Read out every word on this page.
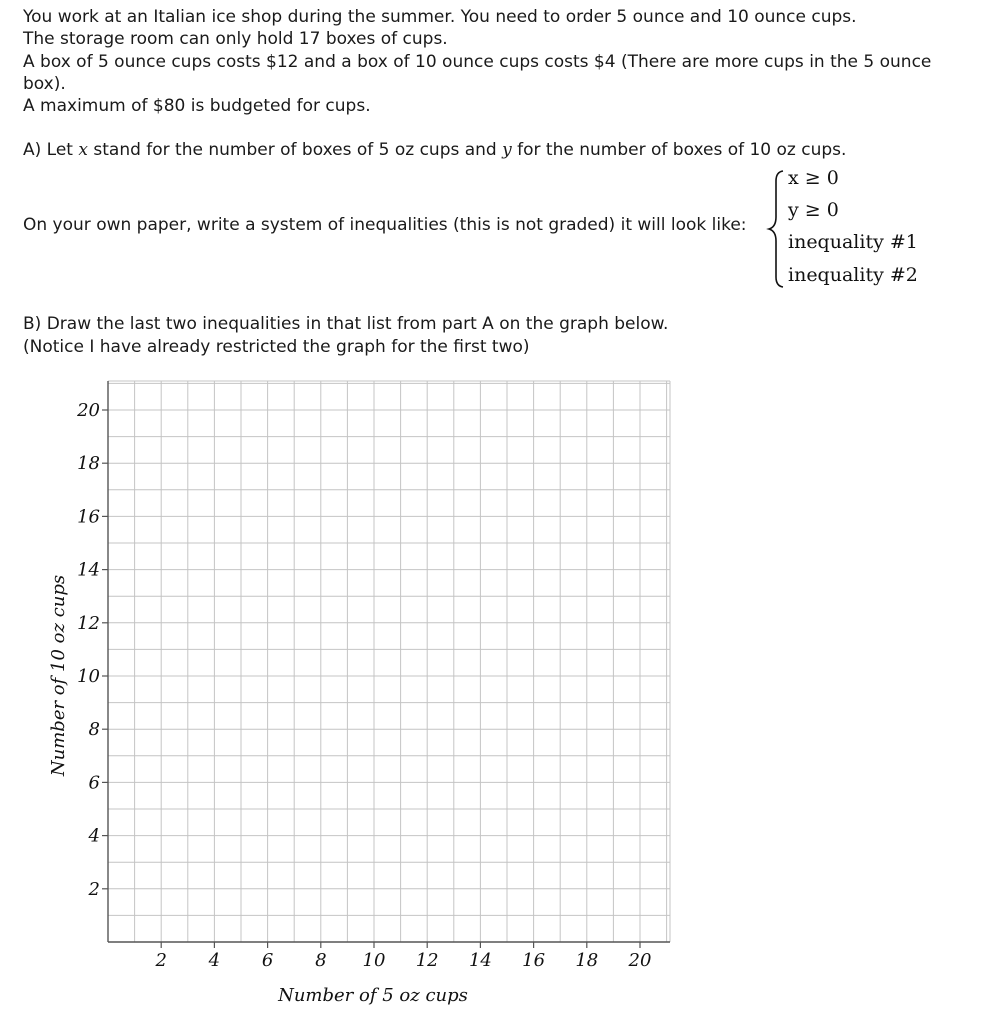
You work at an Italian ice shop during the summer. You need to order 5 ounce and 10 ounce cups.

The storage room can only hold 17 boxes of cups.

A box of 5 ounce cups costs $12 and a box of 10 ounce cups costs $4 (There are more cups in the 5 ounce box).

A maximum of $80 is budgeted for cups.

A) Let x stand for the number of boxes of 5 oz cups and y for the number of boxes of 10 oz cups.

On your own paper, write a system of inequalities (this is not graded) it will look like:
x ≥ 0
y ≥ 0
inequality #1
inequality #2

B) Draw the last two inequalities in that list from part A on the graph below.

(Notice I have already restricted the graph for the first two)

2 4 6 8 10 12 14 16 18 20
2
4
6
8
10
12
14
16
18
20
Number of 5 oz cups
Number of 10 oz cups
